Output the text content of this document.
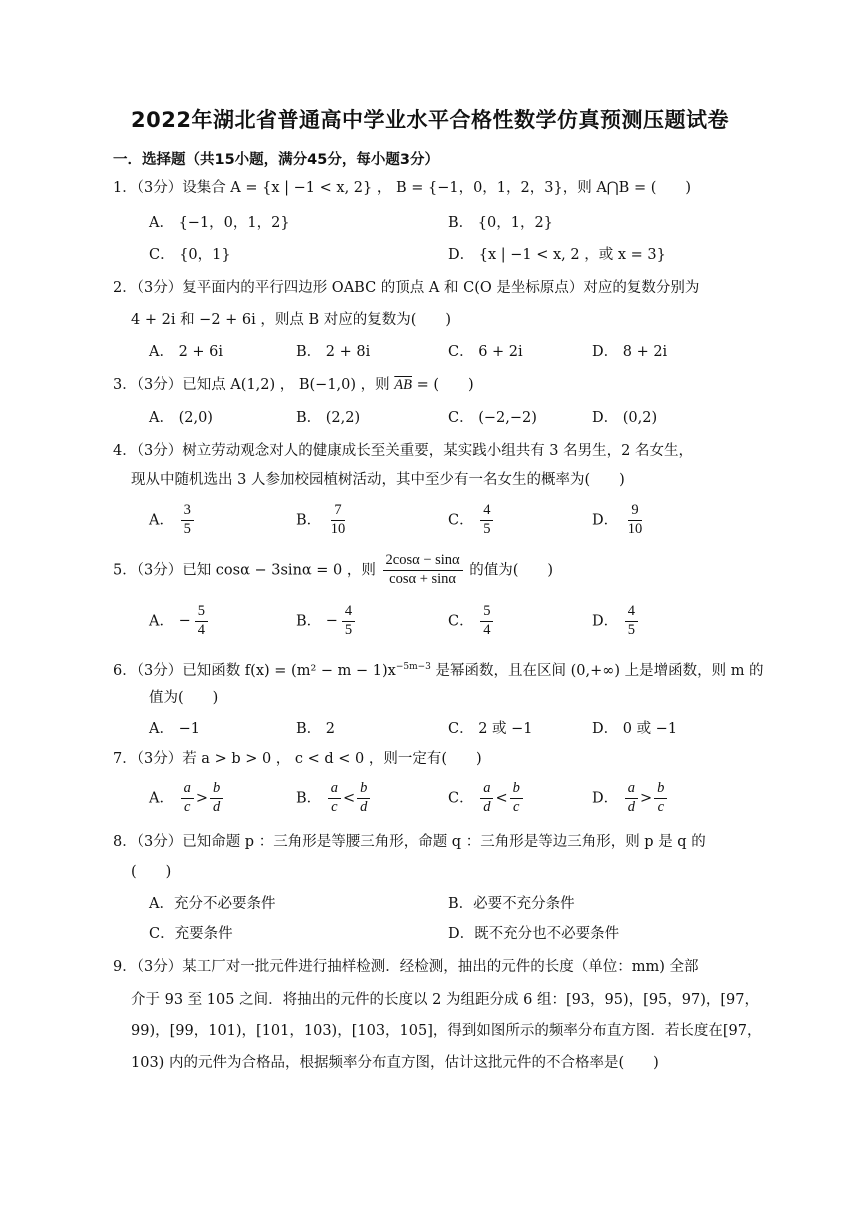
2022年湖北省普通高中学业水平合格性数学仿真预测压题试卷
一．选择题（共15小题，满分45分，每小题3分）
1．（3分）设集合 A = {x | −1 < x, 2} ， B = {−1，0，1，2，3}，则 A⋂B = (　　)
A． {−1，0，1，2}	B． {0，1，2}
C． {0，1}	D． {x | −1 < x, 2 ，或 x = 3}
2．（3分）复平面内的平行四边形 OABC 的顶点 A 和 C(O 是坐标原点）对应的复数分别为
4 + 2i 和 −2 + 6i ，则点 B 对应的复数为(　　)
A． 2 + 6i	B． 2 + 8i	C． 6 + 2i	D． 8 + 2i
3．（3分）已知点 A(1,2) ， B(−1,0) ，则 $\overline{AB}$ = (　　)
A． (2,0)	B． (2,2)	C． (−2,−2)	D． (0,2)
4．（3分）树立劳动观念对人的健康成长至关重要，某实践小组共有 3 名男生，2 名女生，
现从中随机选出 3 人参加校园植树活动，其中至少有一名女生的概率为(　　)
A． $\frac{3}{5}$	B． $\frac{7}{10}$	C． $\frac{4}{5}$	D． $\frac{9}{10}$
5．（3分）已知 cosα − 3sinα = 0 ，则 $\frac{2\cos\alpha - \sin\alpha}{\cos\alpha + \sin\alpha}$ 的值为(　　)
A． − $\frac{5}{4}$	B． − $\frac{4}{5}$	C． $\frac{5}{4}$	D． $\frac{4}{5}$
6．（3分）已知函数 $f(x) = (m^2 - m - 1)x^{-5m-3}$ 是幂函数，且在区间 (0,+∞) 上是增函数，则 m 的
值为(　　)
A． −1	B． 2	C． 2 或 −1	D． 0 或 −1
7．（3分）若 a > b > 0 ， c < d < 0 ，则一定有(　　)
A． $\frac{a}{c} > \frac{b}{d}$	B． $\frac{a}{c} < \frac{b}{d}$	C． $\frac{a}{d} < \frac{b}{c}$	D． $\frac{a}{d} > \frac{b}{c}$
8．（3分）已知命题 p ：三角形是等腰三角形，命题 q ：三角形是等边三角形，则 p 是 q 的
(　　)
A．充分不必要条件	B．必要不充分条件
C．充要条件	D．既不充分也不必要条件
9．（3分）某工厂对一批元件进行抽样检测．经检测，抽出的元件的长度（单位：mm) 全部
介于 93 至 105 之间．将抽出的元件的长度以 2 为组距分成 6 组：[93，95)，[95，97)，[97，
99)，[99，101)，[101，103)，[103，105]，得到如图所示的频率分布直方图．若长度在[97，
103) 内的元件为合格品，根据频率分布直方图，估计这批元件的不合格率是(　　)
